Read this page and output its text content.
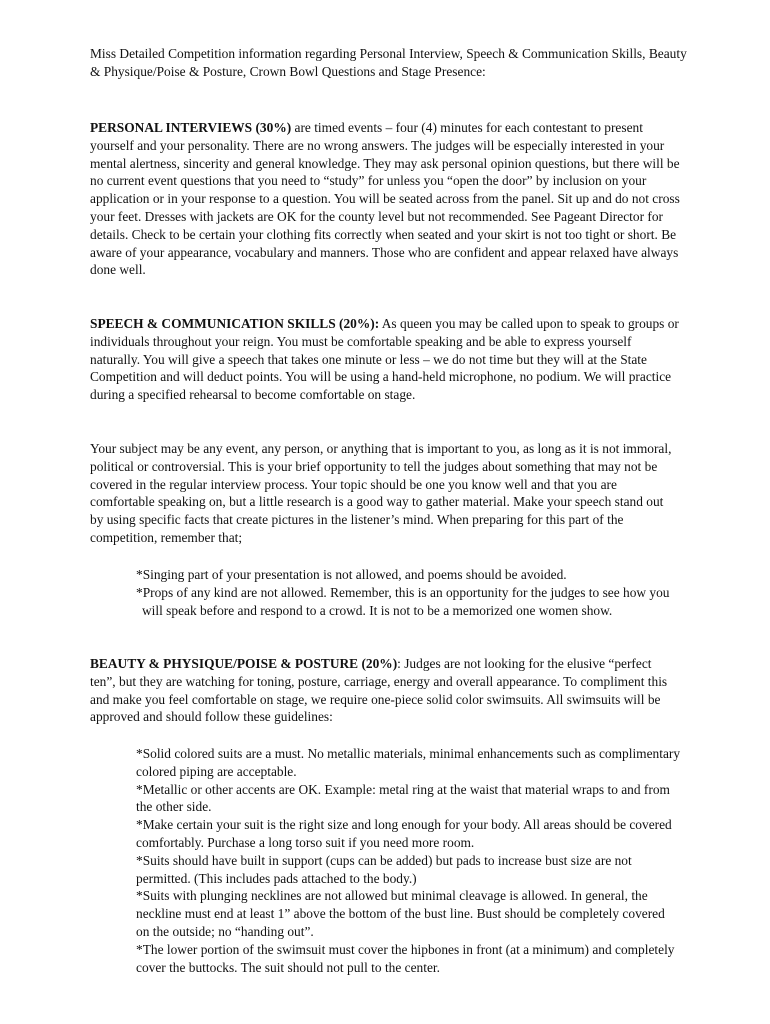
Miss Detailed Competition information regarding Personal Interview, Speech & Communication Skills, Beauty & Physique/Poise & Posture, Crown Bowl Questions and Stage Presence:

PERSONAL INTERVIEWS (30%) are timed events – four (4) minutes for each contestant to present yourself and your personality. There are no wrong answers. The judges will be especially interested in your mental alertness, sincerity and general knowledge. They may ask personal opinion questions, but there will be no current event questions that you need to “study” for unless you “open the door” by inclusion on your application or in your response to a question. You will be seated across from the panel. Sit up and do not cross your feet. Dresses with jackets are OK for the county level but not recommended. See Pageant Director for details. Check to be certain your clothing fits correctly when seated and your skirt is not too tight or short. Be aware of your appearance, vocabulary and manners. Those who are confident and appear relaxed have always done well.

SPEECH & COMMUNICATION SKILLS (20%): As queen you may be called upon to speak to groups or individuals throughout your reign. You must be comfortable speaking and be able to express yourself naturally. You will give a speech that takes one minute or less – we do not time but they will at the State Competition and will deduct points. You will be using a hand-held microphone, no podium. We will practice during a specified rehearsal to become comfortable on stage.

Your subject may be any event, any person, or anything that is important to you, as long as it is not immoral, political or controversial. This is your brief opportunity to tell the judges about something that may not be covered in the regular interview process. Your topic should be one you know well and that you are comfortable speaking on, but a little research is a good way to gather material. Make your speech stand out by using specific facts that create pictures in the listener’s mind. When preparing for this part of the competition, remember that;

*Singing part of your presentation is not allowed, and poems should be avoided.
*Props of any kind are not allowed. Remember, this is an opportunity for the judges to see how you will speak before and respond to a crowd. It is not to be a memorized one women show.

BEAUTY & PHYSIQUE/POISE & POSTURE (20%): Judges are not looking for the elusive “perfect ten”, but they are watching for toning, posture, carriage, energy and overall appearance. To compliment this and make you feel comfortable on stage, we require one-piece solid color swimsuits. All swimsuits will be approved and should follow these guidelines:

*Solid colored suits are a must. No metallic materials, minimal enhancements such as complimentary colored piping are acceptable.
*Metallic or other accents are OK. Example: metal ring at the waist that material wraps to and from the other side.
*Make certain your suit is the right size and long enough for your body. All areas should be covered comfortably. Purchase a long torso suit if you need more room.
*Suits should have built in support (cups can be added) but pads to increase bust size are not permitted. (This includes pads attached to the body.)
*Suits with plunging necklines are not allowed but minimal cleavage is allowed. In general, the neckline must end at least 1” above the bottom of the bust line. Bust should be completely covered on the outside; no “handing out”.
*The lower portion of the swimsuit must cover the hipbones in front (at a minimum) and completely cover the buttocks. The suit should not pull to the center.
